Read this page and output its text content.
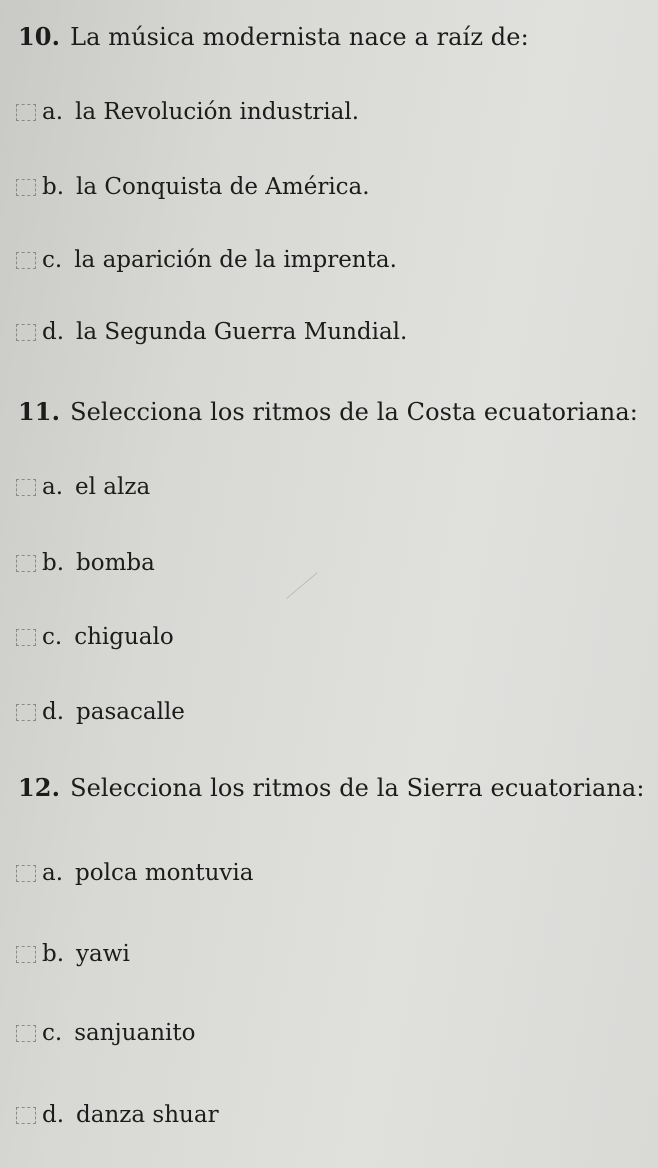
10. La música modernista nace a raíz de:
a. la Revolución industrial.
b. la Conquista de América.
c. la aparición de la imprenta.
d. la Segunda Guerra Mundial.
11. Selecciona los ritmos de la Costa ecuatoriana:
a. el alza
b. bomba
c. chigualo
d. pasacalle
12. Selecciona los ritmos de la Sierra ecuatoriana:
a. polca montuvia
b. yawi
c. sanjuanito
d. danza shuar
